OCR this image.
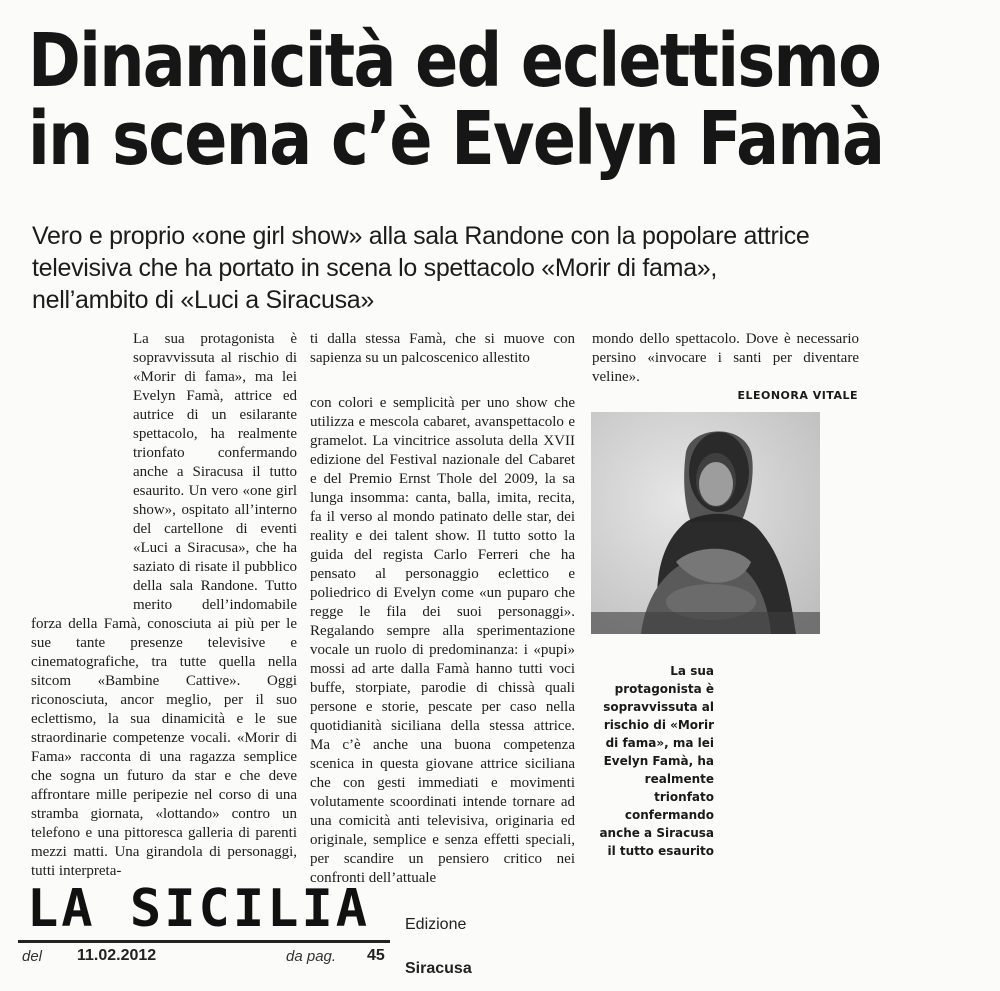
Dinamicità ed eclettismo
in scena c’è Evelyn Famà
Vero e proprio «one girl show» alla sala Randone con la popolare attrice televisiva che ha portato in scena lo spettacolo «Morir di fama», nell’ambito di «Luci a Siracusa»

La sua protagonista è sopravvissuta al rischio di «Morir di fama», ma lei Evelyn Famà, attrice ed autrice di un esilarante spettacolo, ha realmente trionfato confermando anche a Siracusa il tutto esaurito. Un vero «one girl show», ospitato all’interno del cartellone di eventi «Luci a Siracusa», che ha saziato di risate il pubblico della sala Randone. Tutto merito dell’indomabile forza della Famà, conosciuta ai più per le sue tante presenze televisive e cinematografiche, tra tutte quella nella sitcom «Bambine Cattive». Oggi riconosciuta, ancor meglio, per il suo eclettismo, la sua dinamicità e le sue straordinarie competenze vocali. «Morir di Fama» racconta di una ragazza semplice che sogna un futuro da star e che deve affrontare mille peripezie nel corso di una stramba giornata, «lottando» contro un telefono e una pittoresca galleria di parenti mezzi matti. Una girandola di personaggi, tutti interpreta-

ti dalla stessa Famà, che si muove con sapienza su un palcoscenico allestito

con colori e semplicità per uno show che utilizza e mescola cabaret, avanspettacolo e gramelot. La vincitrice assoluta della XVII edizione del Festival nazionale del Cabaret e del Premio Ernst Thole del 2009, la sa lunga insomma: canta, balla, imita, recita, fa il verso al mondo patinato delle star, dei reality e dei talent show. Il tutto sotto la guida del regista Carlo Ferreri che ha pensato al personaggio eclettico e poliedrico di Evelyn come «un puparo che regge le fila dei suoi personaggi». Regalando sempre alla sperimentazione vocale un ruolo di predominanza: i «pupi» mossi ad arte dalla Famà hanno tutti voci buffe, storpiate, parodie di chissà quali persone e storie, pescate per caso nella quotidianità siciliana della stessa attrice. Ma c’è anche una buona competenza scenica in questa giovane attrice siciliana che con gesti immediati e movimenti volutamente scoordinati intende tornare ad una comicità anti televisiva, originaria ed originale, semplice e senza effetti speciali, per scandire un pensiero critico nei confronti dell’attuale

mondo dello spettacolo. Dove è necessario persino «invocare i santi per diventare veline».

ELEONORA VITALE
La sua protagonista è sopravvissuta al rischio di «Morir di fama», ma lei Evelyn Famà, ha realmente trionfato confermando anche a Siracusa il tutto esaurito
LA SICILIA Edizione
del 11.02.2012	da pag. 45
Siracusa
